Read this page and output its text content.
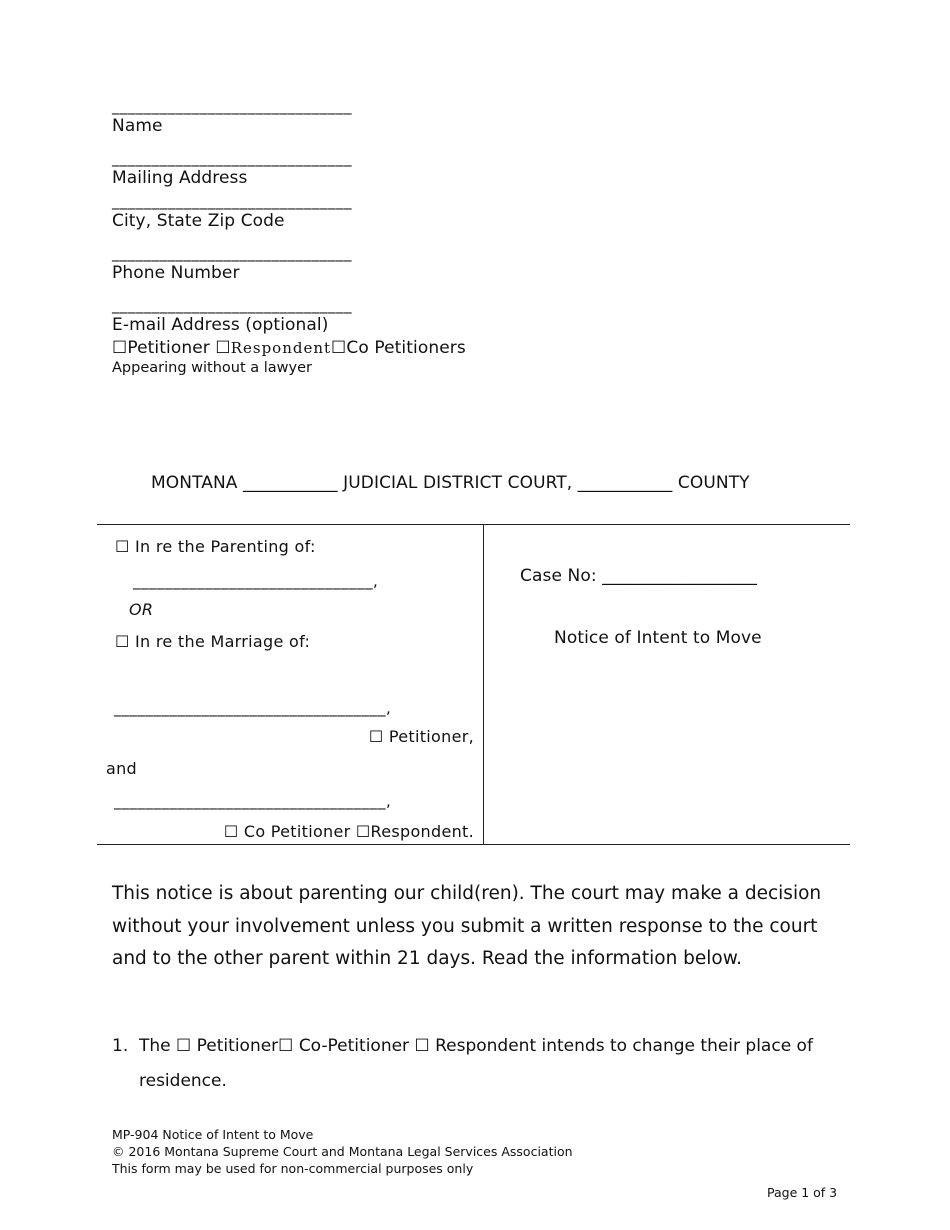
______________________________
Name
______________________________
Mailing Address
______________________________
City, State Zip Code
______________________________
Phone Number
______________________________
E-mail Address (optional)
☐Petitioner ☐Respondent☐Co Petitioners
Appearing without a lawyer
MONTANA ___________ JUDICIAL DISTRICT COURT, ___________ COUNTY
☐ In re the Parenting of:
______________________________,
OR
☐ In re the Marriage of:
__________________________________,
☐ Petitioner,
and
__________________________________,
☐ Co Petitioner ☐Respondent.
Case No: __________________
Notice of Intent to Move
This notice is about parenting our child(ren). The court may make a decision without your involvement unless you submit a written response to the court and to the other parent within 21 days. Read the information below.
1. The ☐ Petitioner☐ Co-Petitioner ☐ Respondent intends to change their place of
residence.
MP-904 Notice of Intent to Move
© 2016 Montana Supreme Court and Montana Legal Services Association
This form may be used for non-commercial purposes only
Page 1 of 3
